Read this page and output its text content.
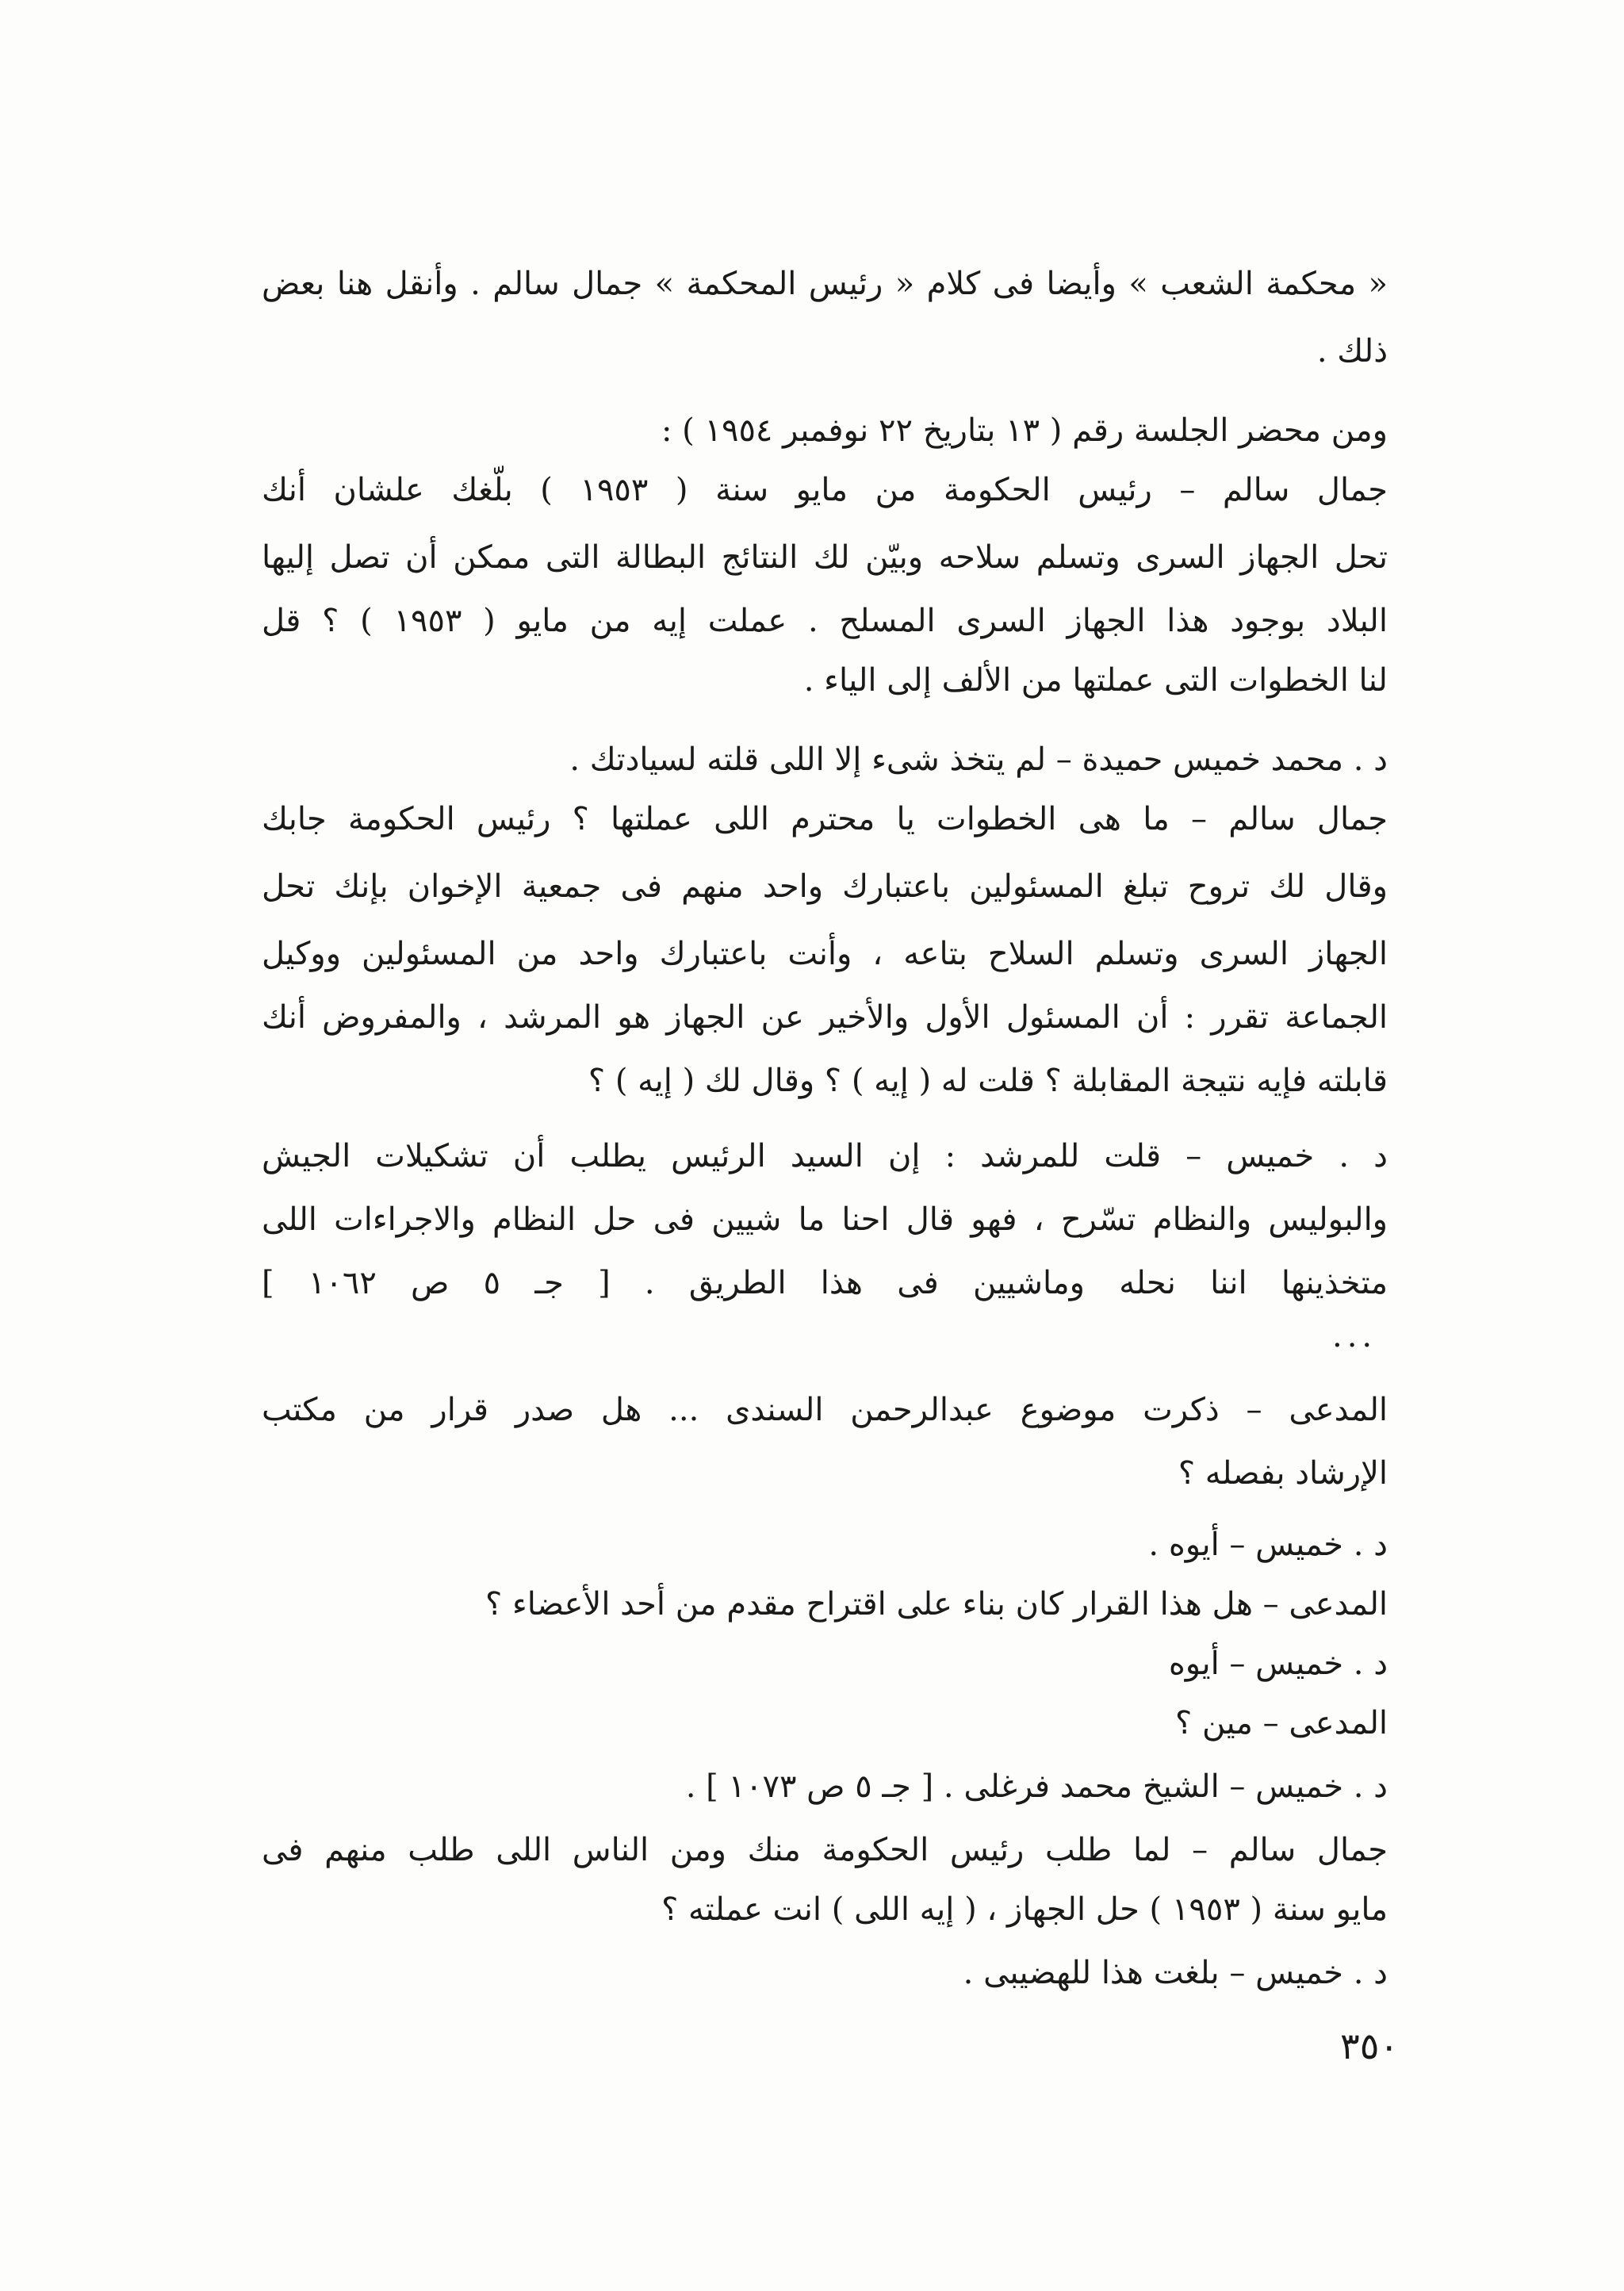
« محكمة الشعب » وأيضا فى كلام « رئيس المحكمة » جمال سالم . وأنقل هنا بعض
ذلك .
ومن محضر الجلسة رقم ( ١٣ بتاريخ ٢٢ نوفمبر ١٩٥٤ ) :
جمال سالم – رئيس الحكومة من مايو سنة ( ١٩٥٣ ) بلّغك علشان أنك
تحل الجهاز السرى وتسلم سلاحه وبيّن لك النتائج البطالة التى ممكن أن تصل إليها
البلاد بوجود هذا الجهاز السرى المسلح . عملت إيه من مايو ( ١٩٥٣ ) ؟ قل
لنا الخطوات التى عملتها من الألف إلى الياء .
د . محمد خميس حميدة – لم يتخذ شىء إلا اللى قلته لسيادتك .
جمال سالم – ما هى الخطوات يا محترم اللى عملتها ؟ رئيس الحكومة جابك
وقال لك تروح تبلغ المسئولين باعتبارك واحد منهم فى جمعية الإخوان بإنك تحل
الجهاز السرى وتسلم السلاح بتاعه ، وأنت باعتبارك واحد من المسئولين ووكيل
الجماعة تقرر : أن المسئول الأول والأخير عن الجهاز هو المرشد ، والمفروض أنك
قابلته فإيه نتيجة المقابلة ؟ قلت له ( إيه ) ؟ وقال لك ( إيه ) ؟
د . خميس – قلت للمرشد : إن السيد الرئيس يطلب أن تشكيلات الجيش
والبوليس والنظام تسّرح ، فهو قال احنا ما شيين فى حل النظام والاجراءات اللى
متخذينها اننا نحله وماشيين فى هذا الطريق . [ جـ ٥ ص ١٠٦٢ ]
المدعى – ذكرت موضوع عبدالرحمن السندى ... هل صدر قرار من مكتب
الإرشاد بفصله ؟
د . خميس – أيوه .
المدعى – هل هذا القرار كان بناء على اقتراح مقدم من أحد الأعضاء ؟
د . خميس – أيوه
المدعى – مين ؟
د . خميس – الشيخ محمد فرغلى . [ جـ ٥ ص ١٠٧٣ ] .
جمال سالم – لما طلب رئيس الحكومة منك ومن الناس اللى طلب منهم فى
مايو سنة ( ١٩٥٣ ) حل الجهاز ، ( إيه اللى ) انت عملته ؟
د . خميس – بلغت هذا للهضيبى .
...
٣٥٠
